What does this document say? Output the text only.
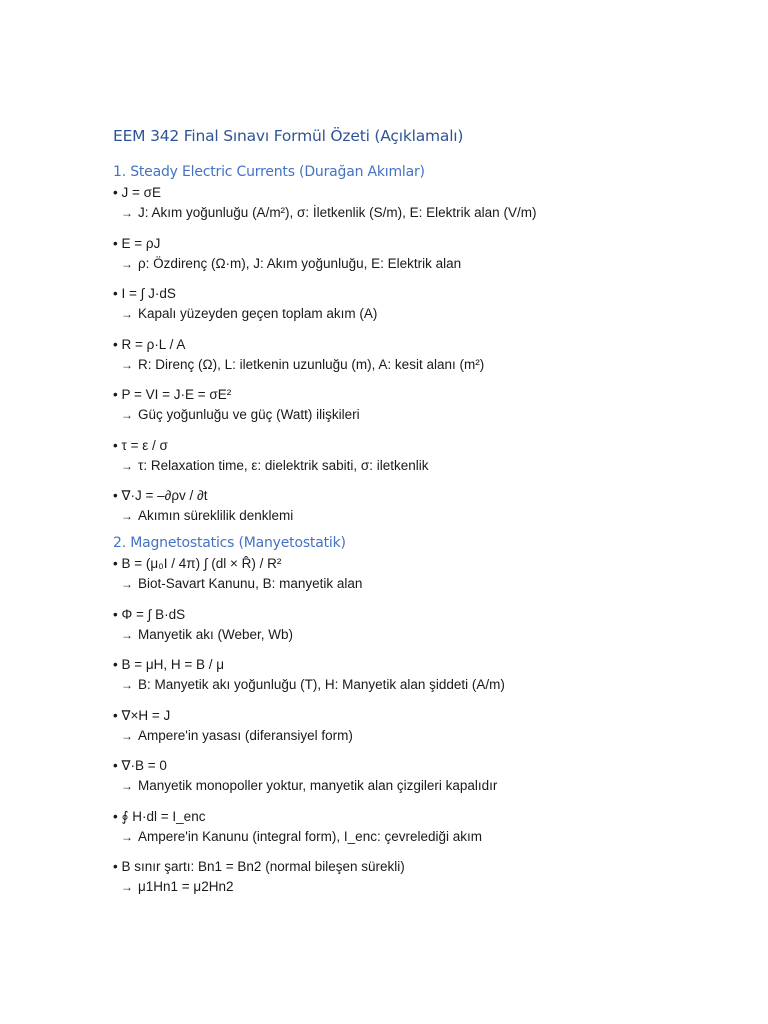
EEM 342 Final Sınavı Formül Özeti (Açıklamalı)
1. Steady Electric Currents (Durağan Akımlar)
• J = σE
→ J: Akım yoğunluğu (A/m²), σ: İletkenlik (S/m), E: Elektrik alan (V/m)
• E = ρJ
→ ρ: Özdirenç (Ω·m), J: Akım yoğunluğu, E: Elektrik alan
• I = ∫ J·dS
→ Kapalı yüzeyden geçen toplam akım (A)
• R = ρ·L / A
→ R: Direnç (Ω), L: iletkenin uzunluğu (m), A: kesit alanı (m²)
• P = VI = J·E = σE²
→ Güç yoğunluğu ve güç (Watt) ilişkileri
• τ = ε / σ
→ τ: Relaxation time, ε: dielektrik sabiti, σ: iletkenlik
• ∇·J = –∂ρv / ∂t
→ Akımın süreklilik denklemi
2. Magnetostatics (Manyetostatik)
• B = (μ₀I / 4π) ∫ (dl × R̂) / R²
→ Biot-Savart Kanunu, B: manyetik alan
• Φ = ∫ B·dS
→ Manyetik akı (Weber, Wb)
• B = μH, H = B / μ
→ B: Manyetik akı yoğunluğu (T), H: Manyetik alan şiddeti (A/m)
• ∇×H = J
→ Ampere'in yasası (diferansiyel form)
• ∇·B = 0
→ Manyetik monopoller yoktur, manyetik alan çizgileri kapalıdır
• ∮ H·dl = I_enc
→ Ampere'in Kanunu (integral form), I_enc: çevrelediği akım
• B sınır şartı: Bn1 = Bn2 (normal bileşen sürekli)
→ μ1Hn1 = μ2Hn2
